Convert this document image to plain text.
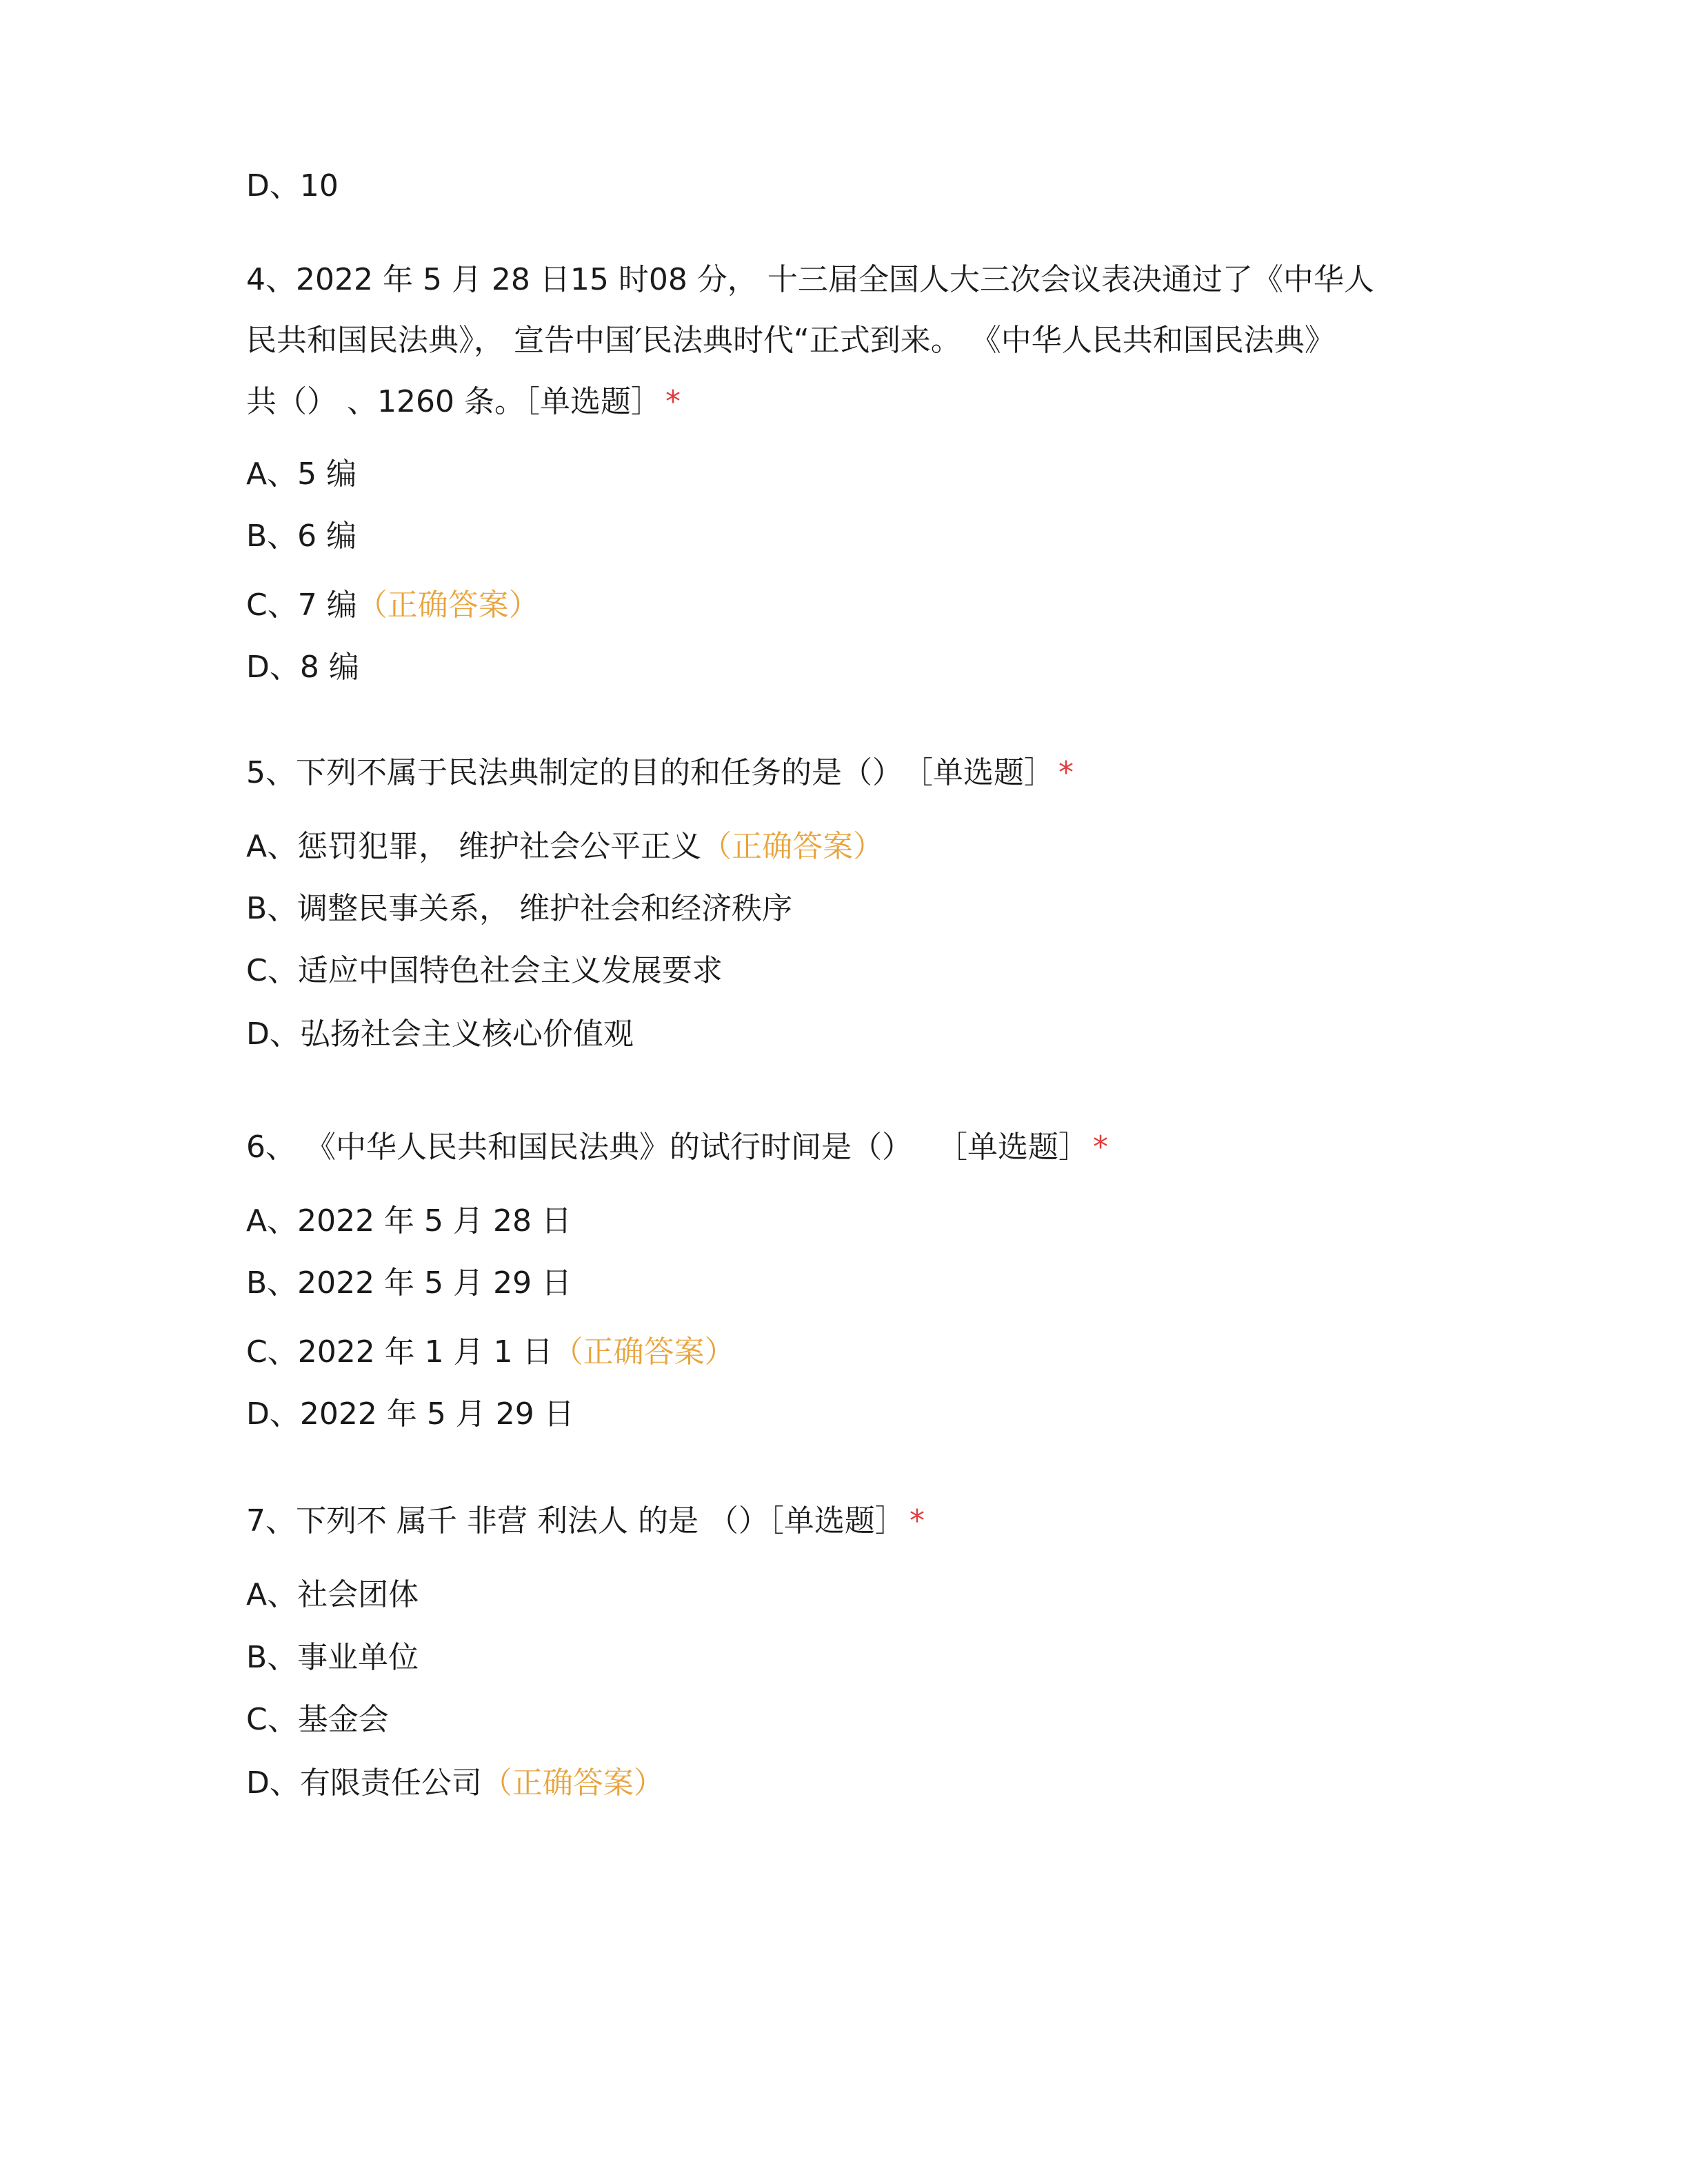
D、10
4、2022 年 5 月 28 日15 时08 分， 十三届全国人大三次会议表决通过了《中华人
民共和国民法典》， 宣告中国′民法典时代“正式到来。 《中华人民共和国民法典》
共（） 、1260 条。［单选题］ *
A、5 编
B、6 编
C、7 编（正确答案）
D、8 编
5、下列不属于民法典制定的目的和任务的是（）　［单选题］ *
A、惩罚犯罪， 维护社会公平正义（正确答案）
B、调整民事关系， 维护社会和经济秩序
C、适应中国特色社会主义发展要求
D、弘扬社会主义核心价值观
6、 《中华人民共和国民法典》的试行时间是（）　 ［单选题］ *
A、2022 年 5 月 28 日
B、2022 年 5 月 29 日
C、2022 年 1 月 1 日（正确答案）
D、2022 年 5 月 29 日
7、下列不 属千 非营 利法人 的是 （）［单选题］ *
A、社会团体
B、事业单位
C、基金会
D、有限责任公司（正确答案）
